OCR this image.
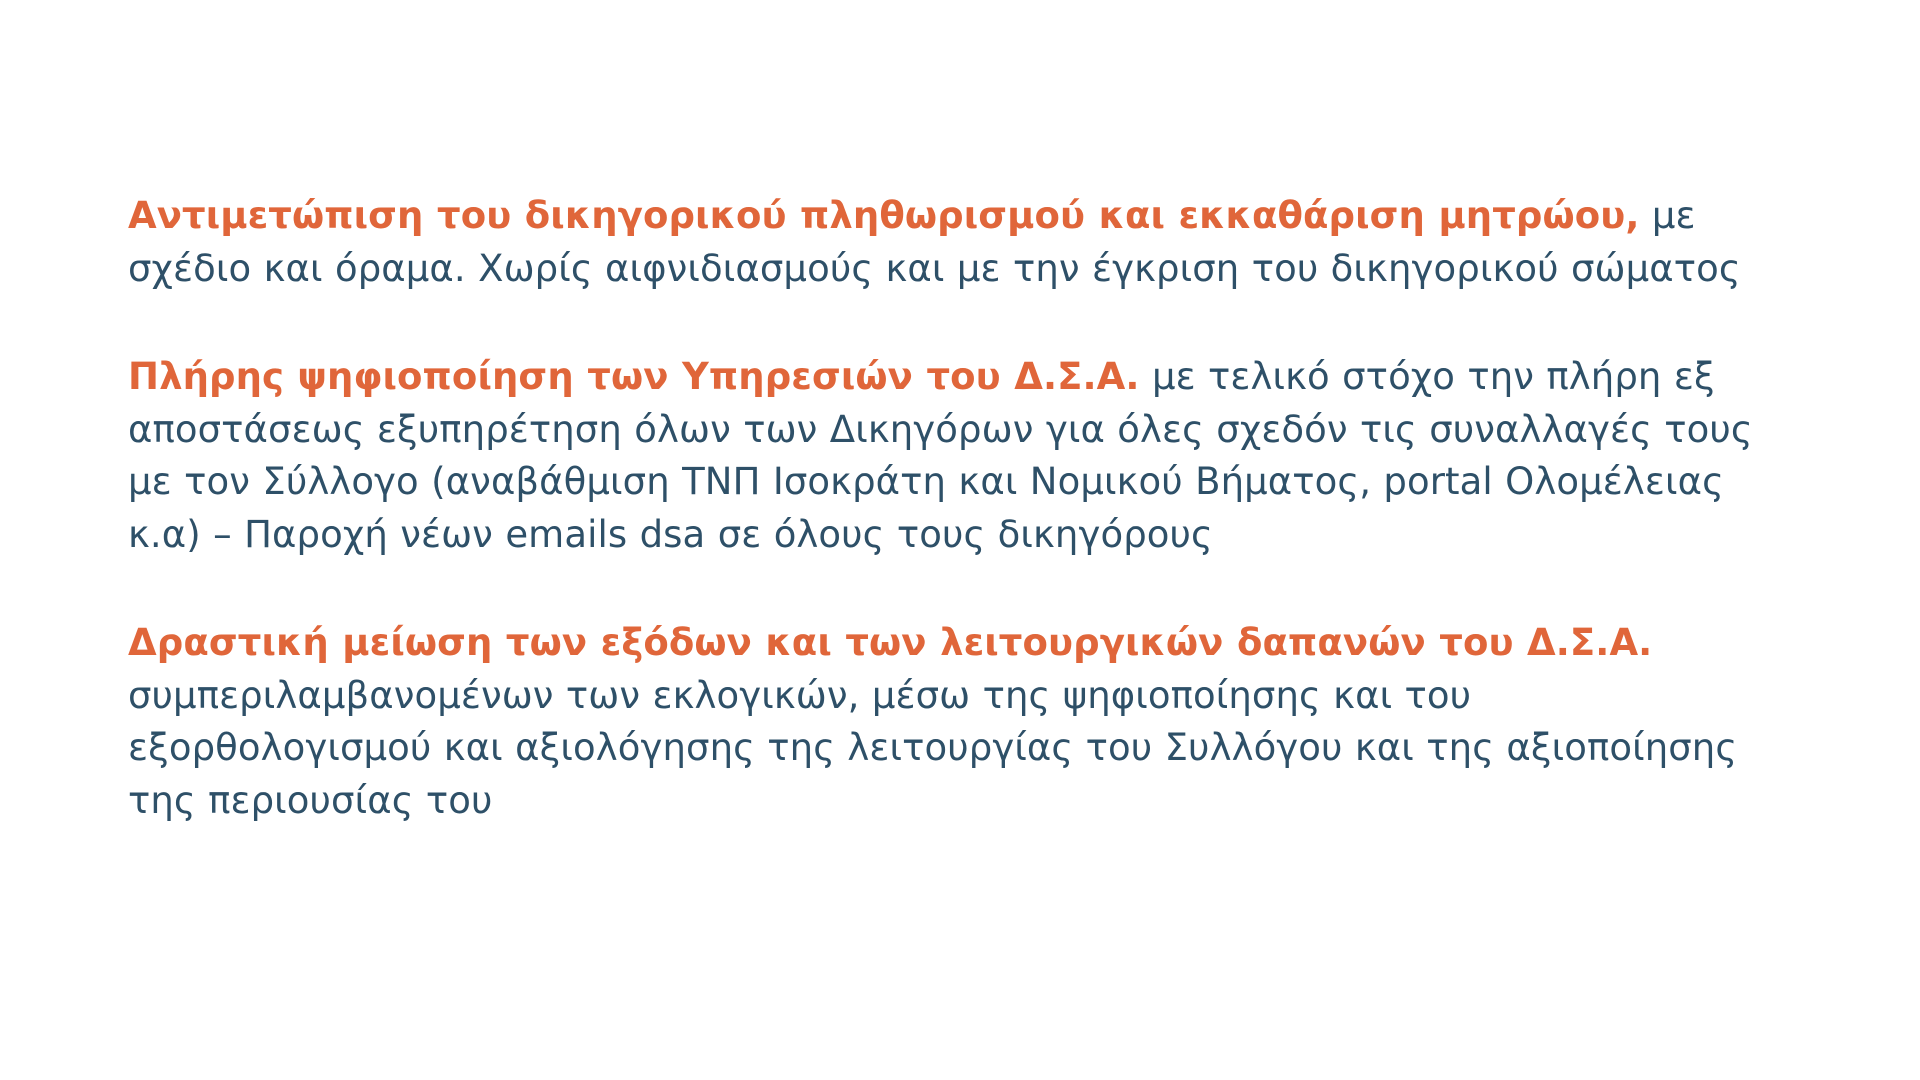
Αντιμετώπιση του δικηγορικού πληθωρισμού και εκκαθάριση μητρώου, με σχέδιο και όραμα. Χωρίς αιφνιδιασμούς και με την έγκριση του δικηγορικού σώματος

Πλήρης ψηφιοποίηση των Υπηρεσιών του Δ.Σ.Α. με τελικό στόχο την πλήρη εξ αποστάσεως εξυπηρέτηση όλων των Δικηγόρων για όλες σχεδόν τις συναλλαγές τους με τον Σύλλογο (αναβάθμιση ΤΝΠ Ισοκράτη και Νομικού Βήματος, portal Ολομέλειας κ.α) – Παροχή νέων emails dsa σε όλους τους δικηγόρους

Δραστική μείωση των εξόδων και των λειτουργικών δαπανών του Δ.Σ.Α. συμπεριλαμβανομένων των εκλογικών, μέσω της ψηφιοποίησης και του εξορθολογισμού και αξιολόγησης της λειτουργίας του Συλλόγου και της αξιοποίησης της περιουσίας του
